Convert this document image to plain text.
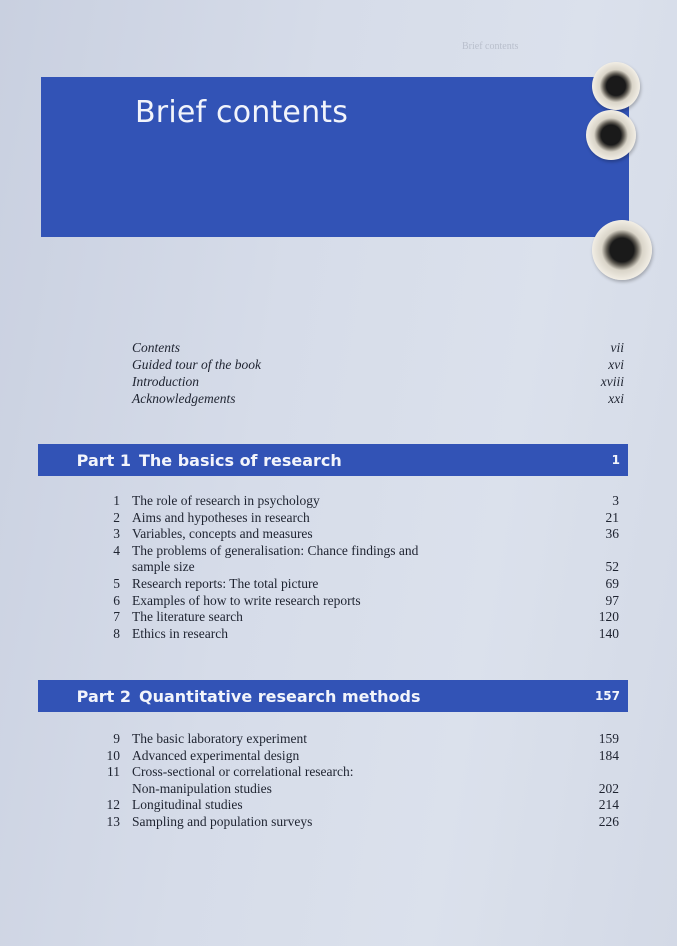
Brief contents
Brief contents
Contents	vii
Guided tour of the book	xvi
Introduction	xviii
Acknowledgements	xxi
Part 1 The basics of research	1
1 The role of research in psychology	3
2 Aims and hypotheses in research	21
3 Variables, concepts and measures	36
4 The problems of generalisation: Chance findings and
sample size	52
5 Research reports: The total picture	69
6 Examples of how to write research reports	97
7 The literature search	120
8 Ethics in research	140
Part 2 Quantitative research methods	157
9 The basic laboratory experiment	159
10 Advanced experimental design	184
11 Cross-sectional or correlational research:
Non-manipulation studies	202
12 Longitudinal studies	214
13 Sampling and population surveys	226
